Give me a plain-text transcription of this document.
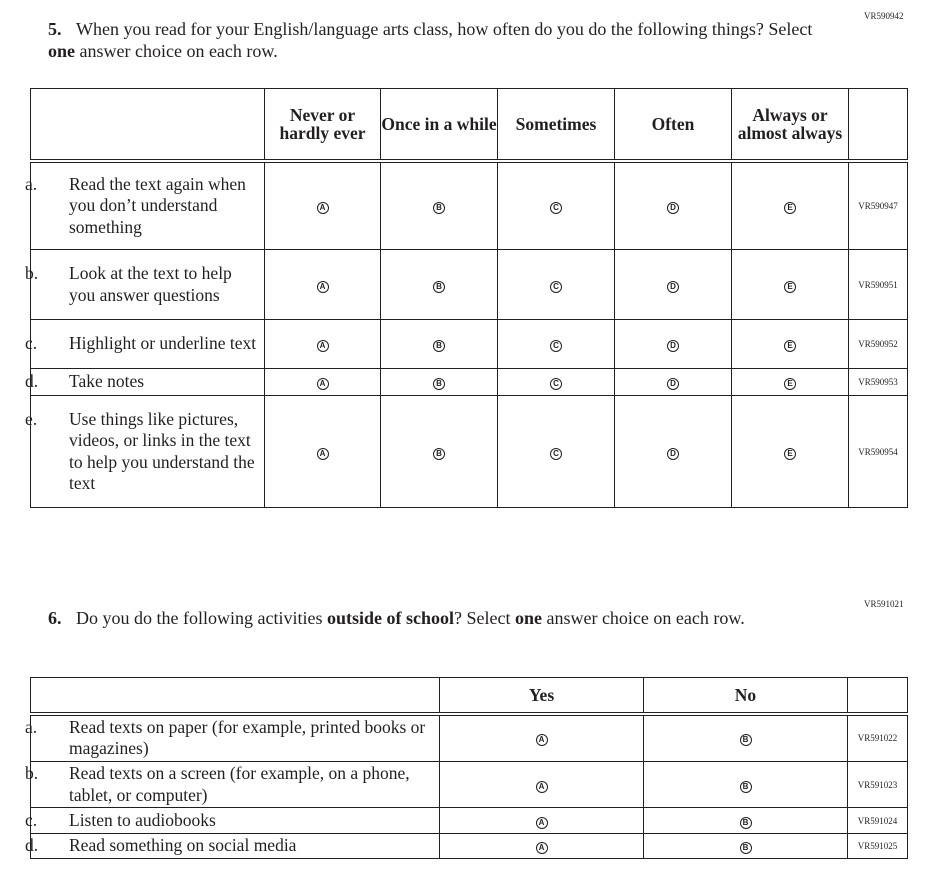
VR590942
5. When you read for your English/language arts class, how often do you do the following things? Select one answer choice on each row.
	Never or hardly ever	Once in a while	Sometimes	Often	Always or almost always	

a. Read the text again when you don’t understand something	A	B	C	D	E	VR590947

b. Look at the text to help you answer questions	A	B	C	D	E	VR590951

c. Highlight or underline text	A	B	C	D	E	VR590952

d. Take notes	A	B	C	D	E	VR590953

e. Use things like pictures, videos, or links in the text to help you understand the text	A	B	C	D	E	VR590954
VR591021
6. Do you do the following activities outside of school? Select one answer choice on each row.
	Yes	No	

a. Read texts on paper (for example, printed books or magazines)	A	B	VR591022

b. Read texts on a screen (for example, on a phone, tablet, or computer)	A	B	VR591023

c. Listen to audiobooks	A	B	VR591024

d. Read something on social media	A	B	VR591025
